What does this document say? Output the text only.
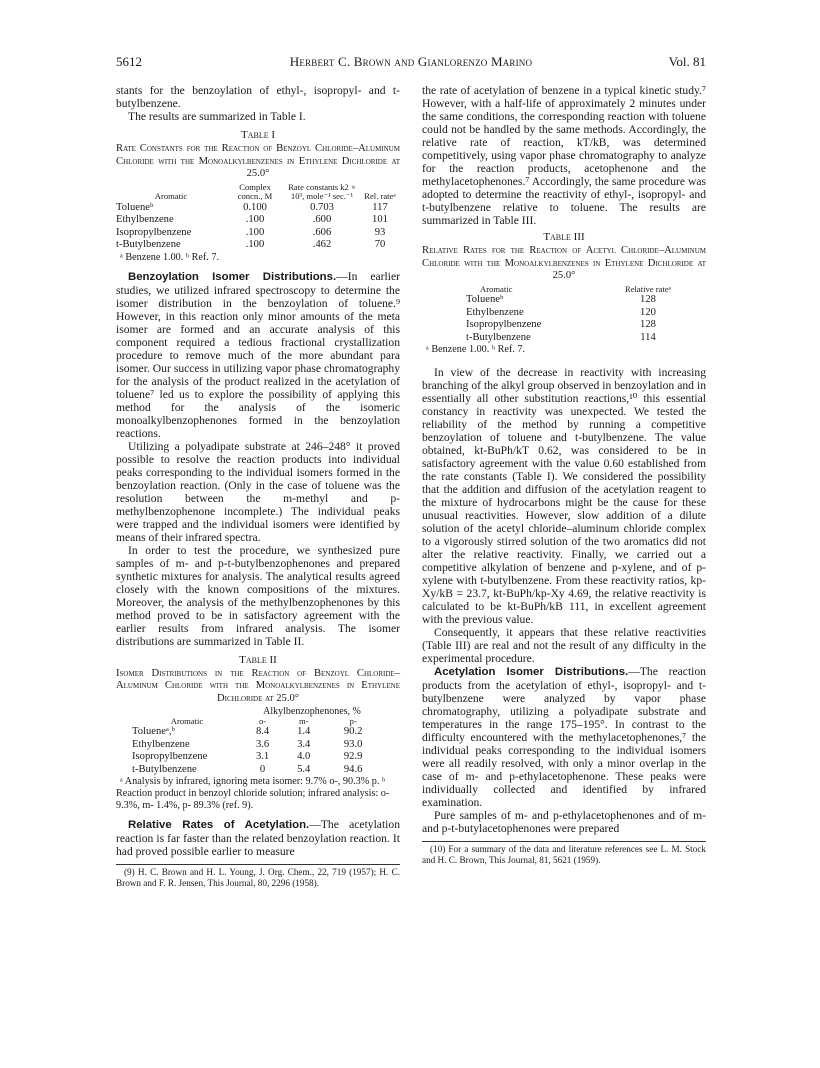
5612	Herbert C. Brown and Gianlorenzo Marino	Vol. 81

stants for the benzoylation of ethyl-, isopropyl- and t-butylbenzene.

The results are summarized in Table I.

Table I
Rate Constants for the Reaction of Benzoyl Chloride–Aluminum Chloride with the Monoalkylbenzenes in Ethylene Dichloride at 25.0°
Aromatic	Complex concn., M	Rate constants k2 × 10³, mole⁻¹ sec.⁻¹	Rel. rateᵃ
Tolueneᵇ	0.100	0.703	117
Ethylbenzene	.100	.600	101
Isopropylbenzene	.100	.606	93
t-Butylbenzene	.100	.462	70
ᵃ Benzene 1.00. ᵇ Ref. 7.

Benzoylation Isomer Distributions.—In earlier studies, we utilized infrared spectroscopy to determine the isomer distribution in the benzoylation of toluene.⁹ However, in this reaction only minor amounts of the meta isomer are formed and an accurate analysis of this component required a tedious fractional crystallization procedure to remove much of the more abundant para isomer. Our success in utilizing vapor phase chromatography for the analysis of the product realized in the acetylation of toluene⁷ led us to explore the possibility of applying this method for the analysis of the isomeric monoalkylbenzophenones formed in the benzoylation reactions.

Utilizing a polyadipate substrate at 246–248° it proved possible to resolve the reaction products into individual peaks corresponding to the individual isomers formed in the benzoylation reaction. (Only in the case of toluene was the resolution between the m-methyl and p-methylbenzophenone incomplete.) The individual peaks were trapped and the individual isomers were identified by means of their infrared spectra.

In order to test the procedure, we synthesized pure samples of m- and p-t-butylbenzophenones and prepared synthetic mixtures for analysis. The analytical results agreed closely with the known compositions of the mixtures. Moreover, the analysis of the methylbenzophenones by this method proved to be in satisfactory agreement with the earlier results from infrared analysis. The isomer distributions are summarized in Table II.

Table II
Isomer Distributions in the Reaction of Benzoyl Chloride–Aluminum Chloride with the Monoalkylbenzenes in Ethylene Dichloride at 25.0°
	Alkylbenzophenones, %		
Aromatic	o-	m-	p-
Tolueneᵃ,ᵇ	8.4	1.4	90.2
Ethylbenzene	3.6	3.4	93.0
Isopropylbenzene	3.1	4.0	92.9
t-Butylbenzene	0	5.4	94.6
ᵃ Analysis by infrared, ignoring meta isomer: 9.7% o-, 90.3% p. ᵇ Reaction product in benzoyl chloride solution; infrared analysis: o- 9.3%, m- 1.4%, p- 89.3% (ref. 9).

Relative Rates of Acetylation.—The acetylation reaction is far faster than the related benzoylation reaction. It had proved possible earlier to measure

(9) H. C. Brown and H. L. Young, J. Org. Chem., 22, 719 (1957); H. C. Brown and F. R. Jensen, This Journal, 80, 2296 (1958).

the rate of acetylation of benzene in a typical kinetic study.⁷ However, with a half-life of approximately 2 minutes under the same conditions, the corresponding reaction with toluene could not be handled by the same methods. Accordingly, the relative rate of reaction, kT/kB, was determined competitively, using vapor phase chromatography to analyze for the reaction products, acetophenone and the methylacetophenones.⁷ Accordingly, the same procedure was adopted to determine the reactivity of ethyl-, isopropyl- and t-butylbenzene relative to toluene. The results are summarized in Table III.

Table III
Relative Rates for the Reaction of Acetyl Chloride–Aluminum Chloride with the Monoalkylbenzenes in Ethylene Dichloride at 25.0°
Aromatic	Relative rateᵃ
Tolueneᵇ	128
Ethylbenzene	120
Isopropylbenzene	128
t-Butylbenzene	114
ᵃ Benzene 1.00. ᵇ Ref. 7.

In view of the decrease in reactivity with increasing branching of the alkyl group observed in benzoylation and in essentially all other substitution reactions,¹⁰ this essential constancy in reactivity was unexpected. We tested the reliability of the method by running a competitive benzoylation of toluene and t-butylbenzene. The value obtained, kt-BuPh/kT 0.62, was considered to be in satisfactory agreement with the value 0.60 established from the rate constants (Table I). We considered the possibility that the addition and diffusion of the acetylation reagent to the mixture of hydrocarbons might be the cause for these unusual reactivities. However, slow addition of a dilute solution of the acetyl chloride–aluminum chloride complex to a vigorously stirred solution of the two aromatics did not alter the relative reactivity. Finally, we carried out a competitive alkylation of benzene and p-xylene, and of p-xylene with t-butylbenzene. From these reactivity ratios, kp-Xy/kB = 23.7, kt-BuPh/kp-Xy 4.69, the relative reactivity is calculated to be kt-BuPh/kB 111, in excellent agreement with the previous value.

Consequently, it appears that these relative reactivities (Table III) are real and not the result of any difficulty in the experimental procedure.

Acetylation Isomer Distributions.—The reaction products from the acetylation of ethyl-, isopropyl- and t-butylbenzene were analyzed by vapor phase chromatography, utilizing a polyadipate substrate and temperatures in the range 175–195°. In contrast to the difficulty encountered with the methylacetophenones,⁷ the individual peaks corresponding to the individual isomers were all readily resolved, with only a minor overlap in the case of m- and p-ethylacetophenone. These peaks were individually collected and identified by infrared examination.

Pure samples of m- and p-ethylacetophenones and of m- and p-t-butylacetophenones were prepared

(10) For a summary of the data and literature references see L. M. Stock and H. C. Brown, This Journal, 81, 5621 (1959).
